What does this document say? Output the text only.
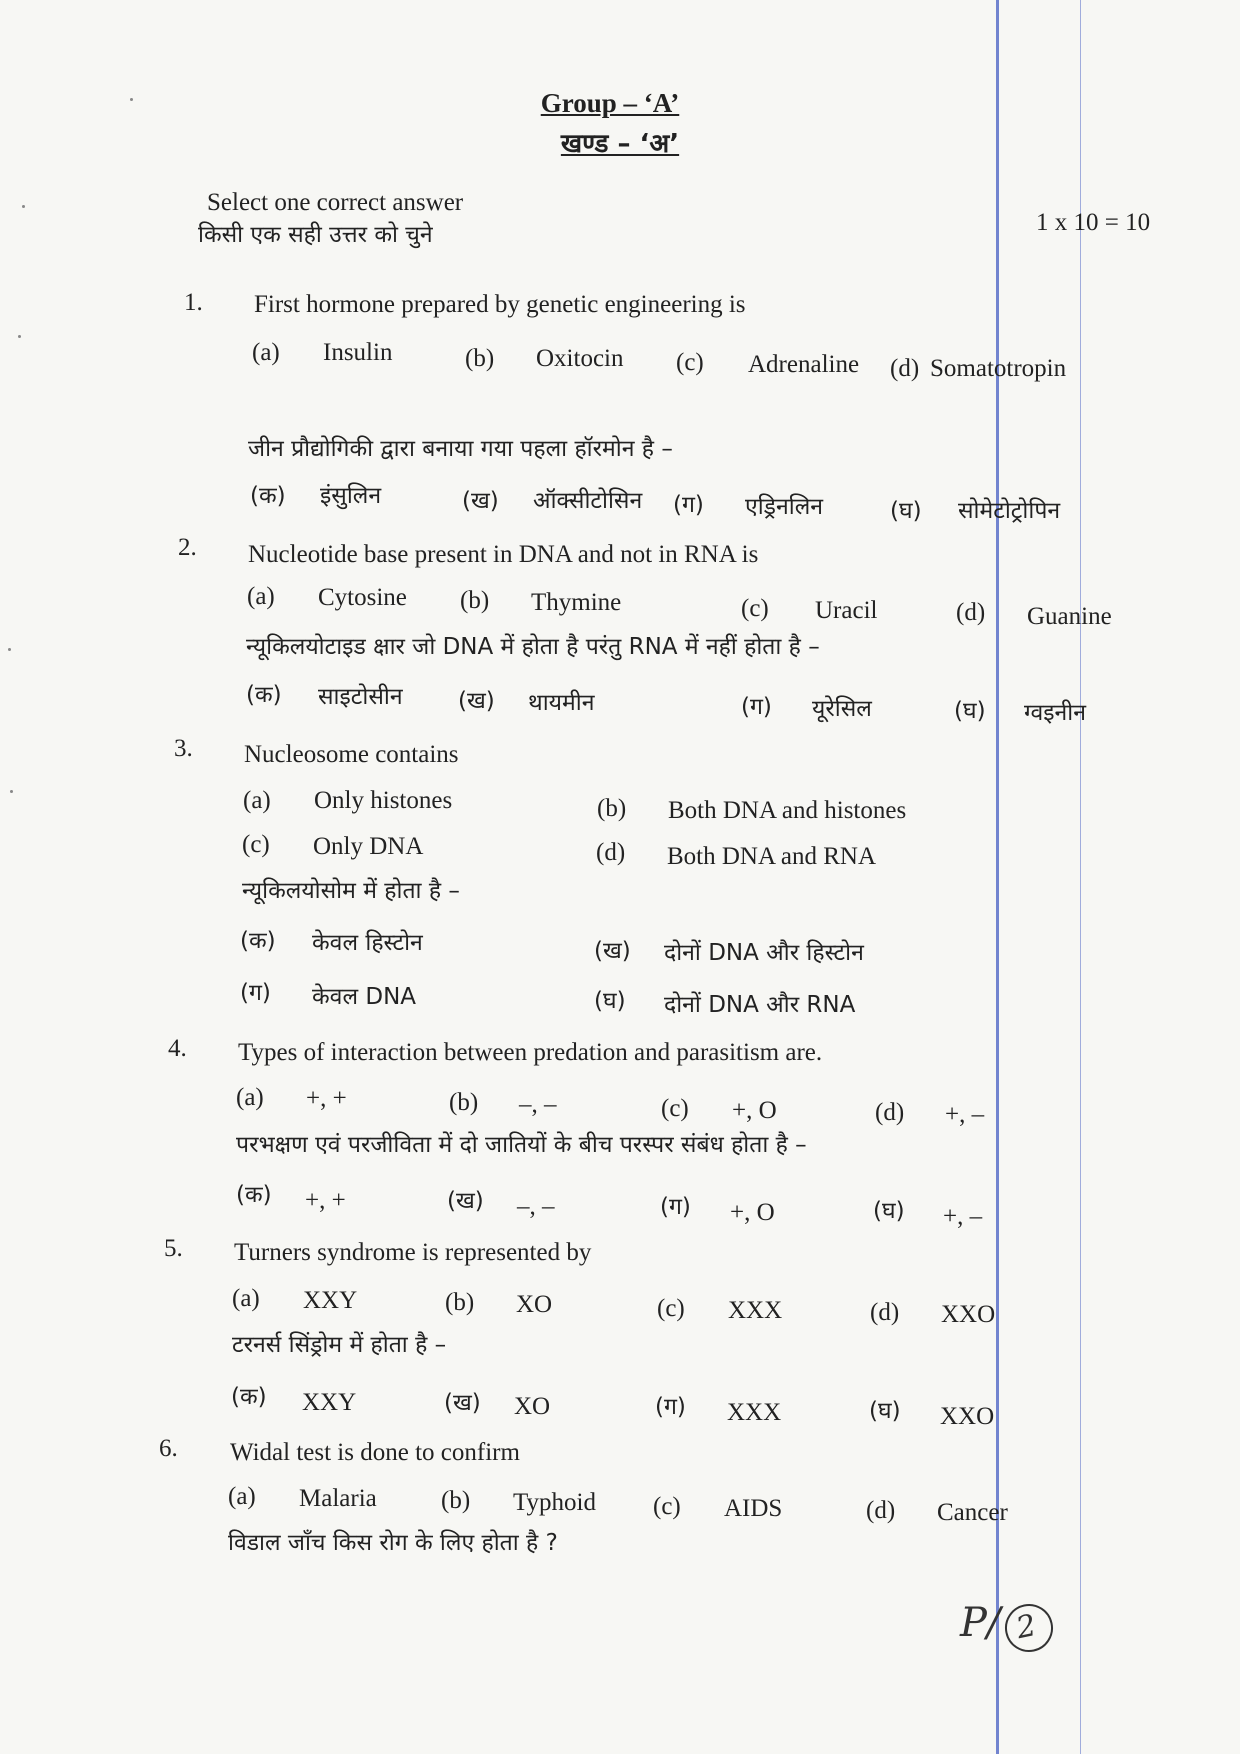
Group – ‘A’
खण्ड – ‘अ’
Select one correct answer
किसी एक सही उत्तर को चुने	1 x 10 = 10
1. First hormone prepared by genetic engineering is
(a) Insulin	(b) Oxitocin (c) Adrenaline (d) Somatotropin
जीन प्रौद्योगिकी द्वारा बनाया गया पहला हॉरमोन है –
(क) इंसुलिन	(ख) ऑक्सीटोसिन (ग) एड्रिनलिन	(घ) सोमेटोट्रोपिन
2. Nucleotide base present in DNA and not in RNA is
(a) Cytosine (b) Thymine	(c) Uracil	(d) Guanine
न्यूकिलयोटाइड क्षार जो DNA में होता है परंतु RNA में नहीं होता है –
(क) साइटोसीन (ख) थायमीन	(ग) यूरेसिल	(घ) ग्वइनीन
3. Nucleosome contains
(a) Only histones	(b) Both DNA and histones
(c) Only DNA	(d) Both DNA and RNA
न्यूकिलयोसोम में होता है –
(क) केवल हिस्टोन	(ख) दोनों DNA और हिस्टोन
(ग) केवल DNA	(घ) दोनों DNA और RNA
4. Types of interaction between predation and parasitism are.
(a) +, +	(b) –, –	(c) +, O	(d) +, –
परभक्षण एवं परजीविता में दो जातियों के बीच परस्पर संबंध होता है –
(क) +, +	(ख) –, –	(ग) +, O	(घ) +, –
5. Turners syndrome is represented by
(a) XXY	(b) XO	(c) XXX	(d) XXO
टरनर्स सिंड्रोम में होता है –
(क) XXY	(ख) XO	(ग) XXX	(घ) XXO
6. Widal test is done to confirm
(a) Malaria	(b) Typhoid (c) AIDS	(d) Cancer
विडाल जाँच किस रोग के लिए होता है ?
P/ 2
